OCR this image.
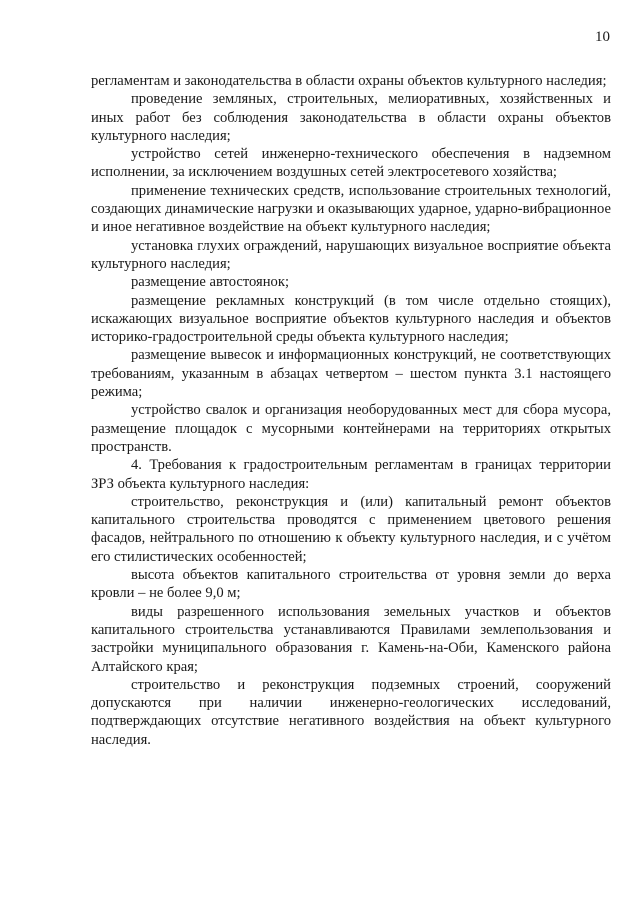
10

регламентам и законодательства в области охраны объектов культурного наследия;

проведение земляных, строительных, мелиоративных, хозяйственных и иных работ без соблюдения законодательства в области охраны объектов культурного наследия;

устройство сетей инженерно-технического обеспечения в надземном исполнении, за исключением воздушных сетей электросетевого хозяйства;

применение технических средств, использование строительных технологий, создающих динамические нагрузки и оказывающих ударное, ударно-вибрационное и иное негативное воздействие на объект культурного наследия;

установка глухих ограждений, нарушающих визуальное восприятие объекта культурного наследия;

размещение автостоянок;

размещение рекламных конструкций (в том числе отдельно стоящих), искажающих визуальное восприятие объектов культурного наследия и объектов историко-градостроительной среды объекта культурного наследия;

размещение вывесок и информационных конструкций, не соответствующих требованиям, указанным в абзацах четвертом – шестом пункта 3.1 настоящего режима;

устройство свалок и организация необорудованных мест для сбора мусора, размещение площадок с мусорными контейнерами на территориях открытых пространств.

4. Требования к градостроительным регламентам в границах территории ЗРЗ объекта культурного наследия:

строительство, реконструкция и (или) капитальный ремонт объектов капитального строительства проводятся с применением цветового решения фасадов, нейтрального по отношению к объекту культурного наследия, и с учётом его стилистических особенностей;

высота объектов капитального строительства от уровня земли до верха кровли – не более 9,0 м;

виды разрешенного использования земельных участков и объектов капитального строительства устанавливаются Правилами землепользования и застройки муниципального образования г. Камень-на-Оби, Каменского района Алтайского края;

строительство и реконструкция подземных строений, сооружений допускаются при наличии инженерно-геологических исследований, подтверждающих отсутствие негативного воздействия на объект культурного наследия.
